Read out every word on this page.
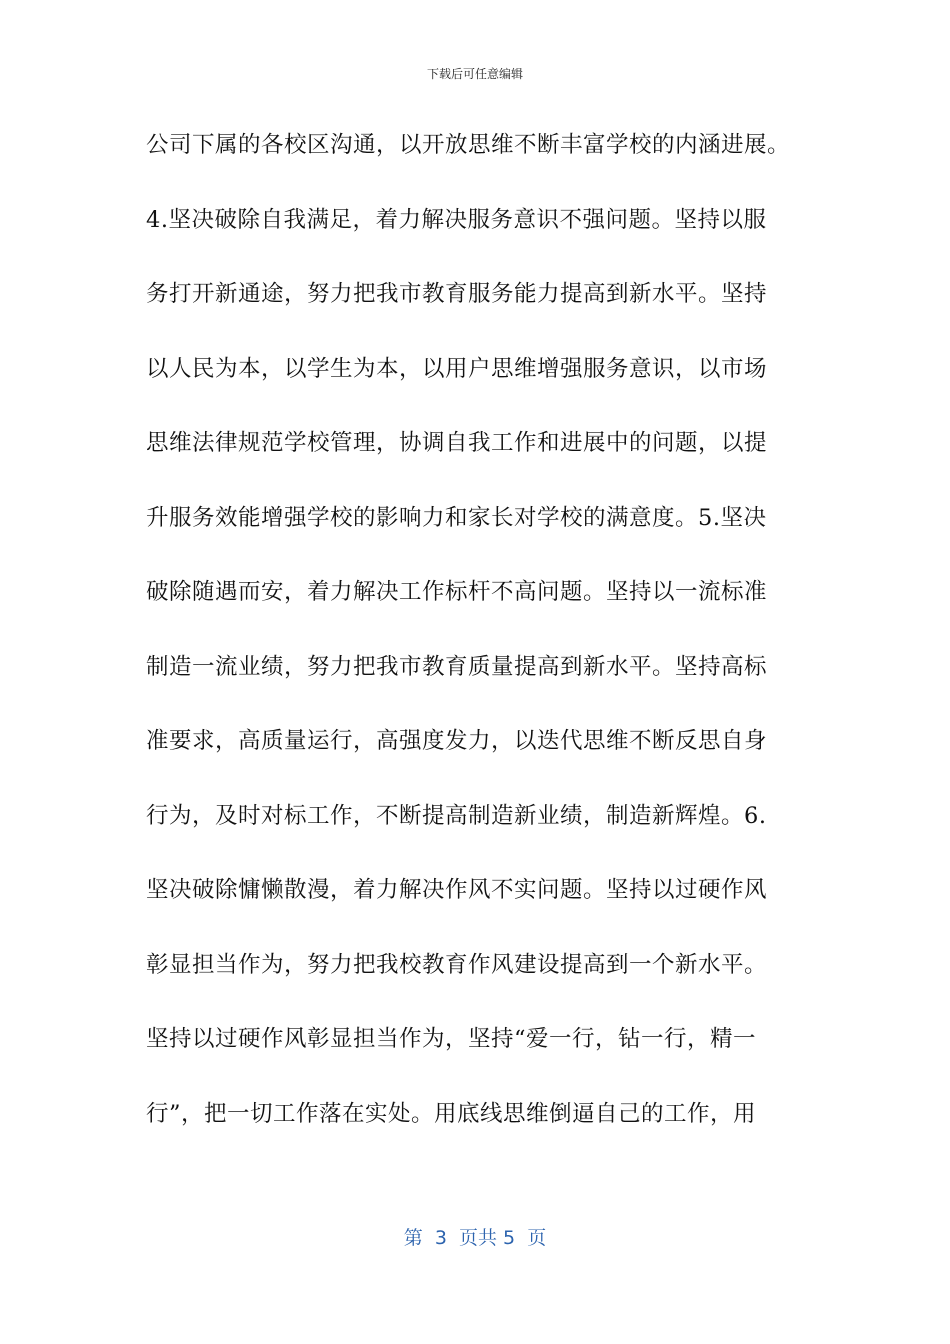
下载后可任意编辑
公司下属的各校区沟通，以开放思维不断丰富学校的内涵进展。
4.坚决破除自我满足，着力解决服务意识不强问题。坚持以服
务打开新通途，努力把我市教育服务能力提高到新水平。坚持
以人民为本，以学生为本，以用户思维增强服务意识，以市场
思维法律规范学校管理，协调自我工作和进展中的问题，以提
升服务效能增强学校的影响力和家长对学校的满意度。5.坚决
破除随遇而安，着力解决工作标杆不高问题。坚持以一流标准
制造一流业绩，努力把我市教育质量提高到新水平。坚持高标
准要求，高质量运行，高强度发力，以迭代思维不断反思自身
行为，及时对标工作，不断提高制造新业绩，制造新辉煌。6.
坚决破除慵懒散漫，着力解决作风不实问题。坚持以过硬作风
彰显担当作为，努力把我校教育作风建设提高到一个新水平。
坚持以过硬作风彰显担当作为，坚持“爱一行，钻一行，精一
行”，把一切工作落在实处。用底线思维倒逼自己的工作，用
第  3  页共 5  页
